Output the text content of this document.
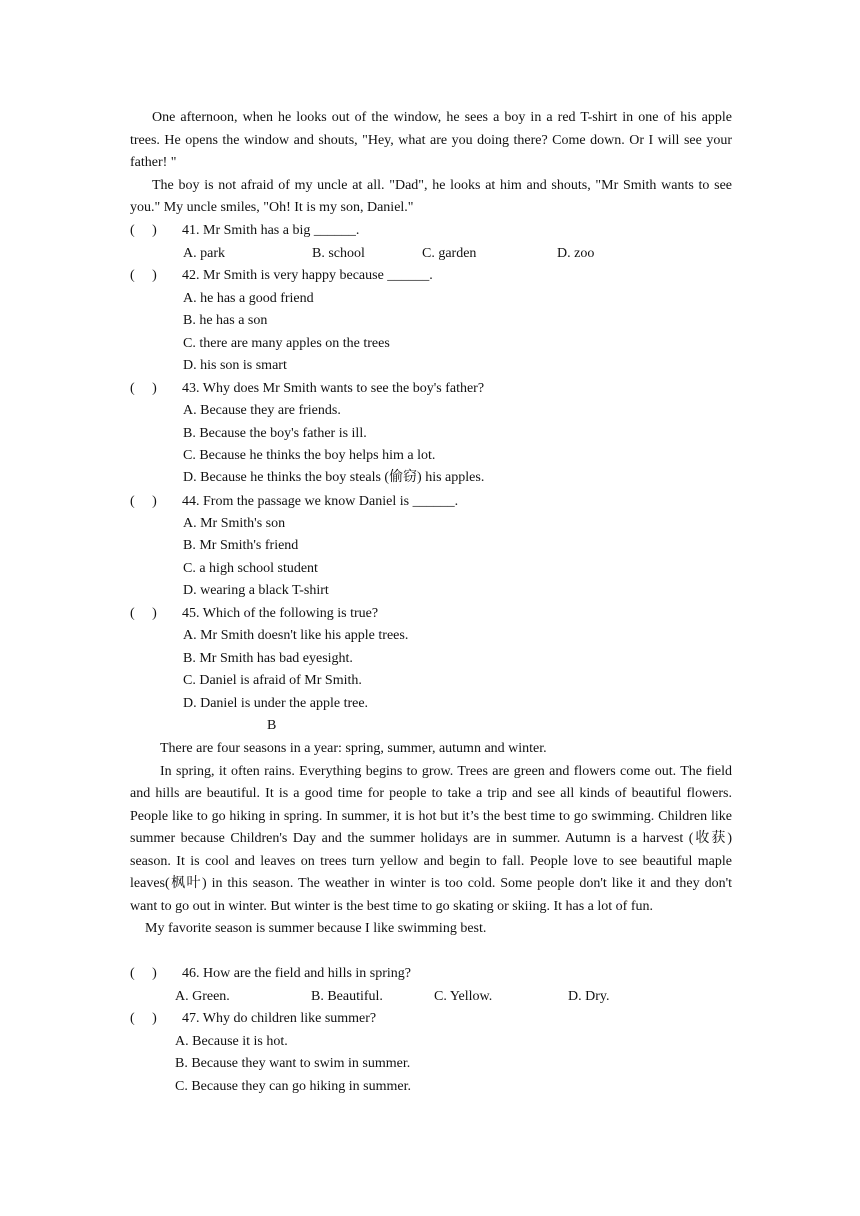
One afternoon, when he looks out of the window, he sees a boy in a red T-shirt in one of his apple trees. He opens the window and shouts, "Hey, what are you doing there? Come down. Or I will see your father! "

The boy is not afraid of my uncle at all. "Dad", he looks at him and shouts, "Mr Smith wants to see you." My uncle smiles, "Oh! It is my son, Daniel."

(     ) 41. Mr Smith has a big ______.
A. park	B. school	C. garden	D. zoo
(     ) 42. Mr Smith is very happy because ______.
A. he has a good friend
B. he has a son
C. there are many apples on the trees
D. his son is smart
(     ) 43. Why does Mr Smith wants to see the boy's father?
A. Because they are friends.
B. Because the boy's father is ill.
C. Because he thinks the boy helps him a lot.
D. Because he thinks the boy steals (偷窃) his apples.
(     ) 44. From the passage we know Daniel is ______.
A. Mr Smith's son
B. Mr Smith's friend
C. a high school student
D. wearing a black T-shirt
(     ) 45. Which of the following is true?
A. Mr Smith doesn't like his apple trees.
B. Mr Smith has bad eyesight.
C. Daniel is afraid of Mr Smith.
D. Daniel is under the apple tree.
B

There are four seasons in a year: spring, summer, autumn and winter.

In spring, it often rains. Everything begins to grow. Trees are green and flowers come out. The field and hills are beautiful. It is a good time for people to take a trip and see all kinds of beautiful flowers. People like to go hiking in spring. In summer, it is hot but it’s the best time to go swimming. Children like summer because Children's Day and the summer holidays are in summer. Autumn is a harvest (收获) season. It is cool and leaves on trees turn yellow and begin to fall. People love to see beautiful maple leaves(枫叶) in this season. The weather in winter is too cold. Some people don't like it and they don't want to go out in winter. But winter is the best time to go skating or skiing. It has a lot of fun.

My favorite season is summer because I like swimming best.

(     ) 46. How are the field and hills in spring?
A. Green.	B. Beautiful.	C. Yellow.	D. Dry.
(     ) 47. Why do children like summer?
A. Because it is hot.
B. Because they want to swim in summer.
C. Because they can go hiking in summer.
